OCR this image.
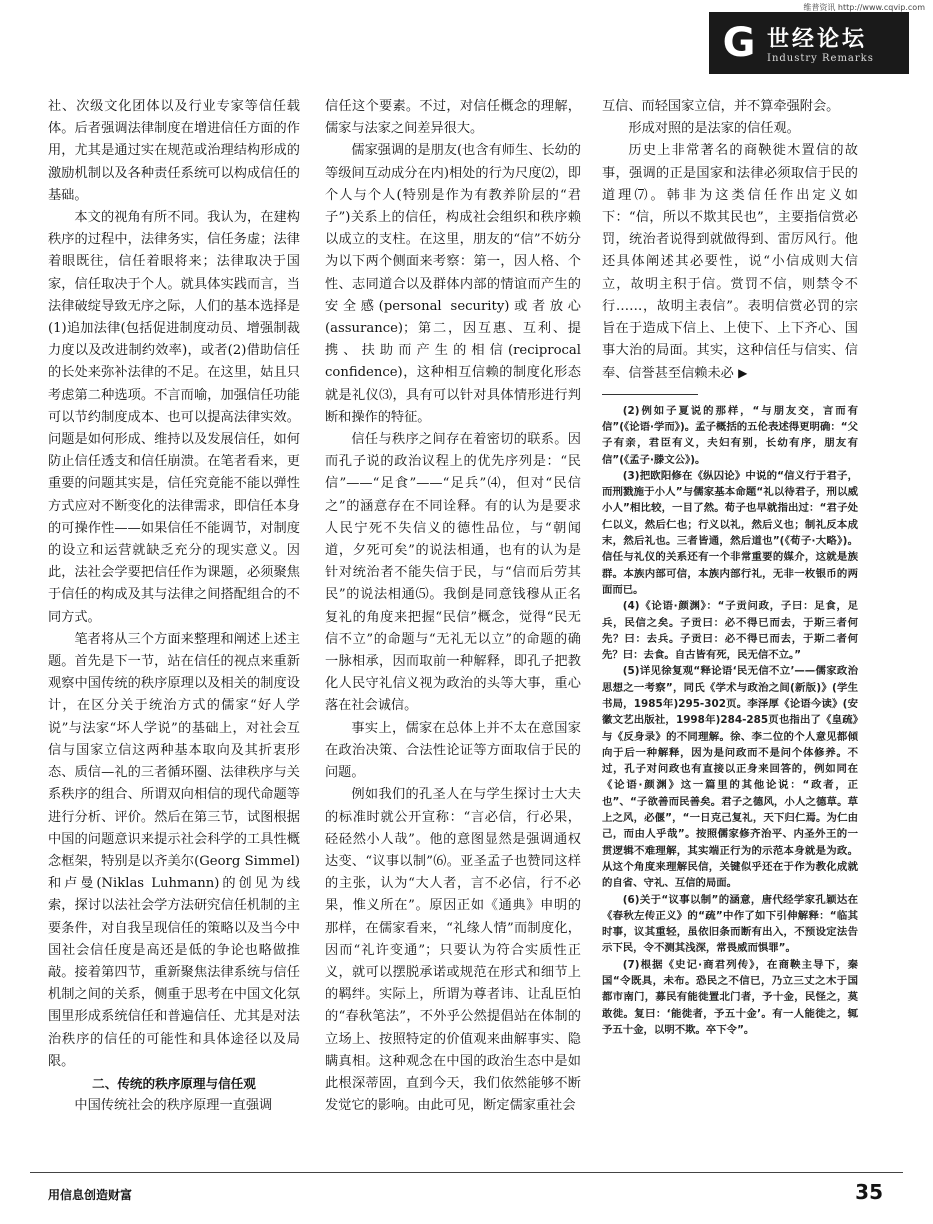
维普资讯 http://www.cqvip.com
G 世经论坛
Industry Remarks

社、次级文化团体以及行业专家等信任载体。后者强调法律制度在增进信任方面的作用，尤其是通过实在规范或治理结构形成的激励机制以及各种责任系统可以构成信任的基础。

本文的视角有所不同。我认为，在建构秩序的过程中，法律务实，信任务虚；法律着眼既往，信任着眼将来；法律取决于国家，信任取决于个人。就具体实践而言，当法律破绽导致无序之际，人们的基本选择是(1)追加法律(包括促进制度动员、增强制裁力度以及改进制约效率)，或者(2)借助信任的长处来弥补法律的不足。在这里，姑且只考虑第二种选项。不言而喻，加强信任功能可以节约制度成本、也可以提高法律实效。问题是如何形成、维持以及发展信任，如何防止信任透支和信任崩溃。在笔者看来，更重要的问题其实是，信任究竟能不能以弹性方式应对不断变化的法律需求，即信任本身的可操作性——如果信任不能调节，对制度的设立和运营就缺乏充分的现实意义。因此，法社会学要把信任作为课题，必须聚焦于信任的构成及其与法律之间搭配组合的不同方式。

笔者将从三个方面来整理和阐述上述主题。首先是下一节，站在信任的视点来重新观察中国传统的秩序原理以及相关的制度设计，在区分关于统治方式的儒家“好人学说”与法家“坏人学说”的基础上，对社会互信与国家立信这两种基本取向及其折衷形态、质信—礼的三者循环圈、法律秩序与关系秩序的组合、所谓双向相信的现代命题等进行分析、评价。然后在第三节，试图根据中国的问题意识来提示社会科学的工具性概念框架，特别是以齐美尔(Georg Simmel)和卢曼(Niklas Luhmann)的创见为线索，探讨以法社会学方法研究信任机制的主要条件，对自我呈现信任的策略以及当今中国社会信任度是高还是低的争论也略做推敲。接着第四节，重新聚焦法律系统与信任机制之间的关系，侧重于思考在中国文化氛围里形成系统信任和普遍信任、尤其是对法治秩序的信任的可能性和具体途径以及局限。

二、传统的秩序原理与信任观

中国传统社会的秩序原理一直强调

信任这个要素。不过，对信任概念的理解，儒家与法家之间差异很大。

儒家强调的是朋友(也含有师生、长幼的等级间互动成分在内)相处的行为尺度⑵，即个人与个人(特别是作为有教养阶层的“君子”)关系上的信任，构成社会组织和秩序赖以成立的支柱。在这里，朋友的“信”不妨分为以下两个侧面来考察：第一，因人格、个性、志同道合以及群体内部的情谊而产生的安全感(personal security)或者放心(assurance)；第二，因互惠、互利、提携、扶助而产生的相信(reciprocal confidence)，这种相互信赖的制度化形态就是礼仪⑶，具有可以针对具体情形进行判断和操作的特征。

信任与秩序之间存在着密切的联系。因而孔子说的政治议程上的优先序列是：“民信”——“足食”——“足兵”⑷，但对“民信之”的涵意存在不同诠释。有的认为是要求人民宁死不失信义的德性品位，与“朝闻道，夕死可矣”的说法相通，也有的认为是针对统治者不能失信于民，与“信而后劳其民”的说法相通⑸。我倒是同意钱穆从正名复礼的角度来把握“民信”概念，觉得“民无信不立”的命题与“无礼无以立”的命题的确一脉相承，因而取前一种解释，即孔子把教化人民守礼信义视为政治的头等大事，重心落在社会诚信。

事实上，儒家在总体上并不太在意国家在政治决策、合法性论证等方面取信于民的问题。

例如我们的孔圣人在与学生探讨士大夫的标准时就公开宣称：“言必信，行必果，硁硁然小人哉”。他的意图显然是强调通权达变、“议事以制”⑹。亚圣孟子也赞同这样的主张，认为“大人者，言不必信，行不必果，惟义所在”。原因正如《通典》申明的那样，在儒家看来，“礼缘人情”而制度化，因而“礼许变通”；只要认为符合实质性正义，就可以摆脱承诺或规范在形式和细节上的羁绊。实际上，所谓为尊者讳、让乱臣怕的“春秋笔法”，不外乎公然提倡站在体制的立场上、按照特定的价值观来曲解事实、隐瞒真相。这种观念在中国的政治生态中是如此根深蒂固，直到今天，我们依然能够不断发觉它的影响。由此可见，断定儒家重社会

互信、而轻国家立信，并不算牵强附会。

形成对照的是法家的信任观。

历史上非常著名的商鞅徙木置信的故事，强调的正是国家和法律必须取信于民的道理⑺。韩非为这类信任作出定义如下：“信，所以不欺其民也”，主要指信赏必罚，统治者说得到就做得到、雷厉风行。他还具体阐述其必要性，说“小信成则大信立，故明主积于信。赏罚不信，则禁令不行……，故明主表信”。表明信赏必罚的宗旨在于造成下信上、上使下、上下齐心、国事大治的局面。其实，这种信任与信实、信奉、信誉甚至信赖未必 ▶

(2)例如子夏说的那样，“与朋友交，言而有信”(《论语·学而》)。孟子概括的五伦表述得更明确：“父子有亲，君臣有义，夫妇有别，长幼有序，朋友有信”(《孟子·滕文公》)。

(3)把欧阳修在《纵囚论》中说的“信义行于君子，而刑戮施于小人”与儒家基本命题“礼以待君子，刑以威小人”相比较，一目了然。荀子也早就指出过：“君子处仁以义，然后仁也；行义以礼，然后义也；制礼反本成末，然后礼也。三者皆通，然后道也”(《荀子·大略》)。信任与礼仪的关系还有一个非常重要的媒介，这就是族群。本族内部可信，本族内部行礼，无非一枚银币的两面而已。

(4)《论语·颜渊》：“子贡问政，子曰：足食，足兵，民信之矣。子贡曰：必不得已而去，于斯三者何先？曰：去兵。子贡曰：必不得已而去，于斯二者何先？曰：去食。自古皆有死，民无信不立。”

(5)详见徐复观“释论语‘民无信不立’——儒家政治思想之一考察”，同氏《学术与政治之间(新版)》(学生书局，1985年)295-302页。李泽厚《论语今读》(安徽文艺出版社，1998年)284-285页也指出了《皇疏》与《反身录》的不同理解。徐、李二位的个人意见都倾向于后一种解释，因为是问政而不是问个体修养。不过，孔子对问政也有直接以正身来回答的，例如同在《论语·颜渊》这一篇里的其他论说：“政者，正也”、“子欲善而民善矣。君子之德风，小人之德草。草上之风，必偃”，“一日克己复礼，天下归仁焉。为仁由己，而由人乎哉”。按照儒家修齐治平、内圣外王的一贯逻辑不难理解，其实端正行为的示范本身就是为政。从这个角度来理解民信，关键似乎还在于作为教化成就的自省、守礼、互信的局面。

(6)关于“议事以制”的涵意，唐代经学家孔颖达在《春秋左传正义》的“疏”中作了如下引伸解释：“临其时事，议其重轻，虽依旧条而断有出入，不预设定法告示下民，令不测其浅深，常畏威而惧罪”。

(7)根据《史记·商君列传》，在商鞅主导下，秦国“令既具，未布。恐民之不信已，乃立三丈之木于国都市南门，募民有能徙置北门者，予十金，民怪之，莫敢徙。复曰：‘能徙者，予五十金’。有一人能徙之，辄予五十金，以明不欺。卒下令”。

用信息创造财富	35
